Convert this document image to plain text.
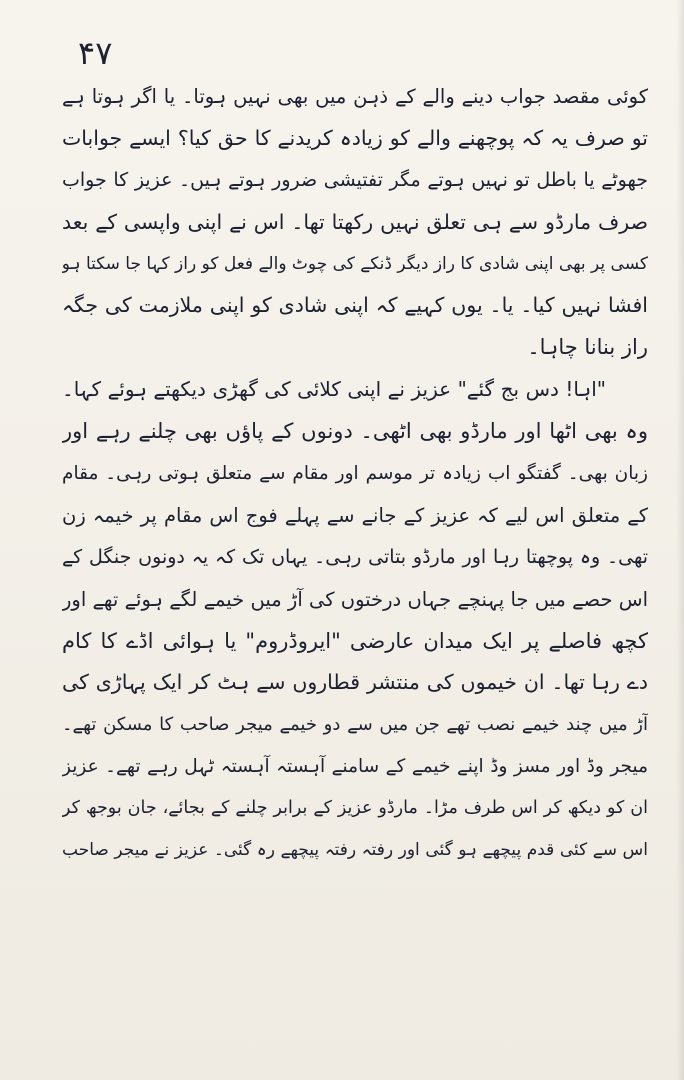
۴۷
کوئی مقصد جواب دینے والے کے ذہن میں بھی نہیں ہوتا۔ یا اگر ہوتا ہے
تو صرف یہ کہ پوچھنے والے کو زیادہ کریدنے کا حق کیا؟ ایسے جوابات
جھوٹے یا باطل تو نہیں ہوتے مگر تفتیشی ضرور ہوتے ہیں۔ عزیز کا جواب
صرف مارڈو سے ہی تعلق نہیں رکھتا تھا۔ اس نے اپنی واپسی کے بعد
کسی پر بھی اپنی شادی کا راز دیگر ڈنکے کی چوٹ والے فعل کو راز کہا جا سکتا ہو
افشا نہیں کیا۔ یا۔ یوں کہیے کہ اپنی شادی کو اپنی ملازمت کی جگہ
راز بنانا چاہا۔
"اہا! دس بج گئے" عزیز نے اپنی کلائی کی گھڑی دیکھتے ہوئے کہا۔
وہ بھی اٹھا اور مارڈو بھی اٹھی۔ دونوں کے پاؤں بھی چلنے رہے اور
زبان بھی۔ گفتگو اب زیادہ تر موسم اور مقام سے متعلق ہوتی رہی۔ مقام
کے متعلق اس لیے کہ عزیز کے جانے سے پہلے فوج اس مقام پر خیمہ زن
تھی۔ وہ پوچھتا رہا اور مارڈو بتاتی رہی۔ یہاں تک کہ یہ دونوں جنگل کے
اس حصے میں جا پہنچے جہاں درختوں کی آڑ میں خیمے لگے ہوئے تھے اور
کچھ فاصلے پر ایک میدان عارضی "ایروڈروم" یا ہوائی اڈے کا کام
دے رہا تھا۔ ان خیموں کی منتشر قطاروں سے ہٹ کر ایک پہاڑی کی
آڑ میں چند خیمے نصب تھے جن میں سے دو خیمے میجر صاحب کا مسکن تھے۔
میجر وڈ اور مسز وڈ اپنے خیمے کے سامنے آہستہ آہستہ ٹہل رہے تھے۔ عزیز
ان کو دیکھ کر اس طرف مڑا۔ مارڈو عزیز کے برابر چلنے کے بجائے، جان بوجھ کر
اس سے کئی قدم پیچھے ہو گئی اور رفتہ رفتہ پیچھے رہ گئی۔ عزیز نے میجر صاحب
